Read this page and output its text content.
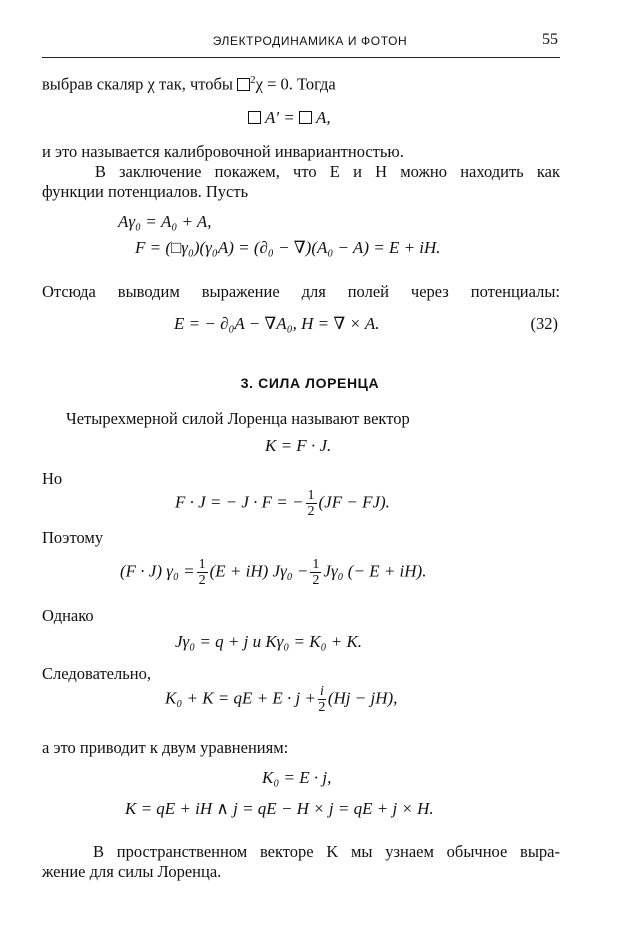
ЭЛЕКТРОДИНАМИКА И ФОТОН	55
выбрав скаляр χ так, чтобы $^2$χ = 0. Тогда
A′ = A,
и это называется калибровочной инвариантностью.
В заключение покажем, что E и H можно находить как
функции потенциалов. Пусть
Aγ₀ = A₀ + A,
F = (□γ₀)(γ₀A) = (∂₀ − ∇)(A₀ − A) = E + iH.
Отсюда выводим выражение для полей через потенциалы:
E = − ∂₀A − ∇A₀, H = ∇ × A.	(32)
3. СИЛА ЛОРЕНЦА
Четырехмерной силой Лоренца называют вектор
K = F · J.
Но
F · J = − J · F = − $\frac{1}{2} (JF - FJ)$.
Поэтому
(F · J) $\gamma_0 = \frac{1}{2} (E + iH) J\gamma_0 - \frac{1}{2} J\gamma_0$ (− E + iH).
Однако
Jγ₀ = q + j и Kγ₀ = K₀ + K.
Следовательно,
K₀ + K = qE + $E \cdot j + \frac{i}{2} (Hj - jH)$,
а это приводит к двум уравнениям:
K₀ = E · j,
K = qE + iH ∧ j = qE − H × j = qE + j × H.
В пространственном векторе K мы узнаем обычное выра-
жение для силы Лоренца.
